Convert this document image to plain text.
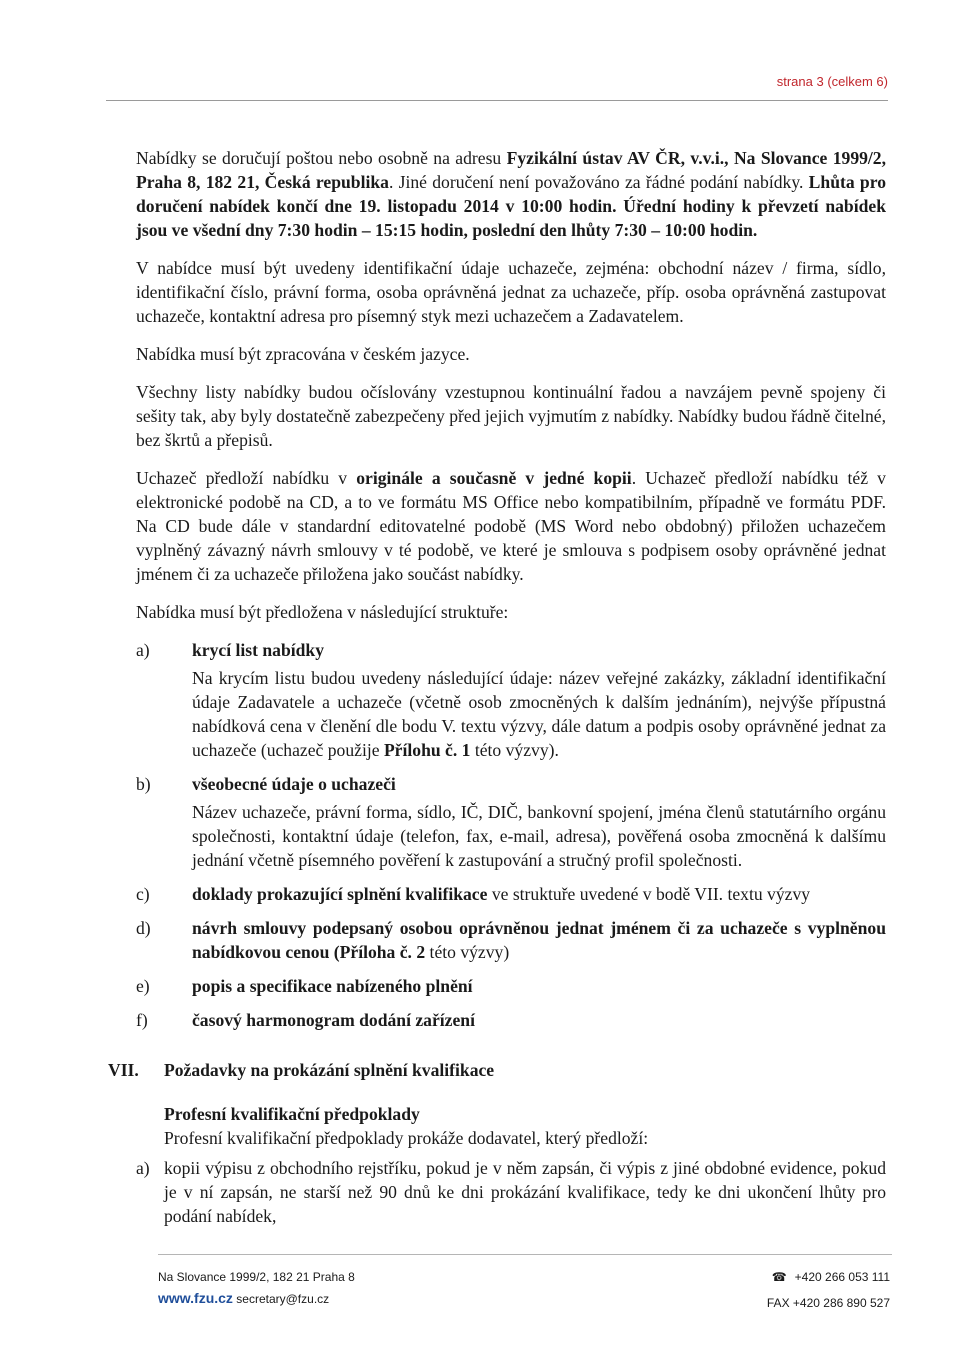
strana 3 (celkem 6)

Nabídky se doručují poštou nebo osobně na adresu Fyzikální ústav AV ČR, v.v.i., Na Slovance 1999/2, Praha 8, 182 21, Česká republika. Jiné doručení není považováno za řádné podání nabídky. Lhůta pro doručení nabídek končí dne 19. listopadu 2014 v 10:00 hodin. Úřední hodiny k převzetí nabídek jsou ve všední dny 7:30 hodin – 15:15 hodin, poslední den lhůty 7:30 – 10:00 hodin.

V nabídce musí být uvedeny identifikační údaje uchazeče, zejména: obchodní název / firma, sídlo, identifikační číslo, právní forma, osoba oprávněná jednat za uchazeče, příp. osoba oprávněná zastupovat uchazeče, kontaktní adresa pro písemný styk mezi uchazečem a Zadavatelem.

Nabídka musí být zpracována v českém jazyce.

Všechny listy nabídky budou očíslovány vzestupnou kontinuální řadou a navzájem pevně spojeny či sešity tak, aby byly dostatečně zabezpečeny před jejich vyjmutím z nabídky. Nabídky budou řádně čitelné, bez škrtů a přepisů.

Uchazeč předloží nabídku v originále a současně v jedné kopii. Uchazeč předloží nabídku též v elektronické podobě na CD, a to ve formátu MS Office nebo kompatibilním, případně ve formátu PDF. Na CD bude dále v standardní editovatelné podobě (MS Word nebo obdobný) přiložen uchazečem vyplněný závazný návrh smlouvy v té podobě, ve které je smlouva s podpisem osoby oprávněné jednat jménem či za uchazeče přiložena jako součást nabídky.

Nabídka musí být předložena v následující struktuře:

a) krycí list nabídky
Na krycím listu budou uvedeny následující údaje: název veřejné zakázky, základní identifikační údaje Zadavatele a uchazeče (včetně osob zmocněných k dalším jednáním), nejvýše přípustná nabídková cena v členění dle bodu V. textu výzvy, dále datum a podpis osoby oprávněné jednat za uchazeče (uchazeč použije Přílohu č. 1 této výzvy).
b) všeobecné údaje o uchazeči
Název uchazeče, právní forma, sídlo, IČ, DIČ, bankovní spojení, jména členů statutárního orgánu společnosti, kontaktní údaje (telefon, fax, e-mail, adresa), pověřená osoba zmocněná k dalšímu jednání včetně písemného pověření k zastupování a stručný profil společnosti.
c) doklady prokazující splnění kvalifikace ve struktuře uvedené v bodě VII. textu výzvy
d) návrh smlouvy podepsaný osobou oprávněnou jednat jménem či za uchazeče s vyplněnou nabídkovou cenou (Příloha č. 2 této výzvy)
e) popis a specifikace nabízeného plnění
f)	časový harmonogram dodání zařízení
VII. Požadavky na prokázání splnění kvalifikace
Profesní kvalifikační předpoklady
Profesní kvalifikační předpoklady prokáže dodavatel, který předloží:
a) kopii výpisu z obchodního rejstříku, pokud je v něm zapsán, či výpis z jiné obdobné evidence, pokud je v ní zapsán, ne starší než 90 dnů ke dni prokázání kvalifikace, tedy ke dni ukončení lhůty pro podání nabídek,
Na Slovance 1999/2, 182 21 Praha 8
www.fzu.cz secretary@fzu.cz
☎ +420 266 053 111
FAX +420 286 890 527
